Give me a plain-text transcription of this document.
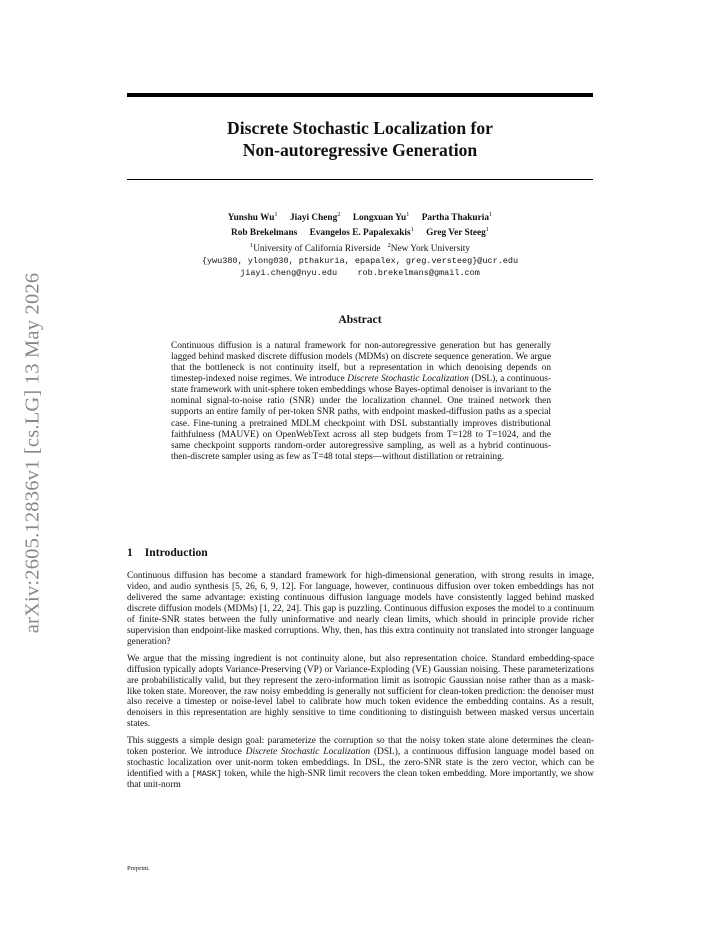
arXiv:2605.12836v1 [cs.LG] 13 May 2026
Discrete Stochastic Localization for
Non-autoregressive Generation
Yunshu Wu$^1$ Jiayi Cheng$^2$ Longxuan Yu$^1$ Partha Thakuria$^1$
Rob Brekelmans Evangelos E. Papalexakis$^1$ Greg Ver Steeg$^1$
$^1$University of California Riverside $^2$New York University
{ywu380, ylong030, pthakuria, epapalex, greg.versteeg}@ucr.edu
jiayi.cheng@nyu.edu    rob.brekelmans@gmail.com
Abstract
Continuous diffusion is a natural framework for non-autoregressive generation but has generally lagged behind masked discrete diffusion models (MDMs) on discrete sequence generation. We argue that the bottleneck is not continuity itself, but a representation in which denoising depends on timestep-indexed noise regimes. We introduce Discrete Stochastic Localization (DSL), a continuous-state framework with unit-sphere token embeddings whose Bayes-optimal denoiser is invariant to the nominal signal-to-noise ratio (SNR) under the localization channel. One trained network then supports an entire family of per-token SNR paths, with endpoint masked-diffusion paths as a special case. Fine-tuning a pretrained MDLM checkpoint with DSL substantially improves distributional faithfulness (MAUVE) on OpenWebText across all step budgets from T=128 to T=1024, and the same checkpoint supports random-order autoregressive sampling, as well as a hybrid continuous-then-discrete sampler using as few as T=48 total steps—without distillation or retraining.
1 Introduction

Continuous diffusion has become a standard framework for high-dimensional generation, with strong results in image, video, and audio synthesis [5, 26, 6, 9, 12]. For language, however, continuous diffusion over token embeddings has not delivered the same advantage: existing continuous diffusion language models have consistently lagged behind masked discrete diffusion models (MDMs) [1, 22, 24]. This gap is puzzling. Continuous diffusion exposes the model to a continuum of finite-SNR states between the fully uninformative and nearly clean limits, which should in principle provide richer supervision than endpoint-like masked corruptions. Why, then, has this extra continuity not translated into stronger language generation?

We argue that the missing ingredient is not continuity alone, but also representation choice. Standard embedding-space diffusion typically adopts Variance-Preserving (VP) or Variance-Exploding (VE) Gaussian noising. These parameterizations are probabilistically valid, but they represent the zero-information limit as isotropic Gaussian noise rather than as a mask-like token state. Moreover, the raw noisy embedding is generally not sufficient for clean-token prediction: the denoiser must also receive a timestep or noise-level label to calibrate how much token evidence the embedding contains. As a result, denoisers in this representation are highly sensitive to time conditioning to distinguish between masked versus uncertain states.

This suggests a simple design goal: parameterize the corruption so that the noisy token state alone determines the clean-token posterior. We introduce Discrete Stochastic Localization (DSL), a continuous diffusion language model based on stochastic localization over unit-norm token embeddings. In DSL, the zero-SNR state is the zero vector, which can be identified with a [MASK] token, while the high-SNR limit recovers the clean token embedding. More importantly, we show that unit-norm

Preprint.
